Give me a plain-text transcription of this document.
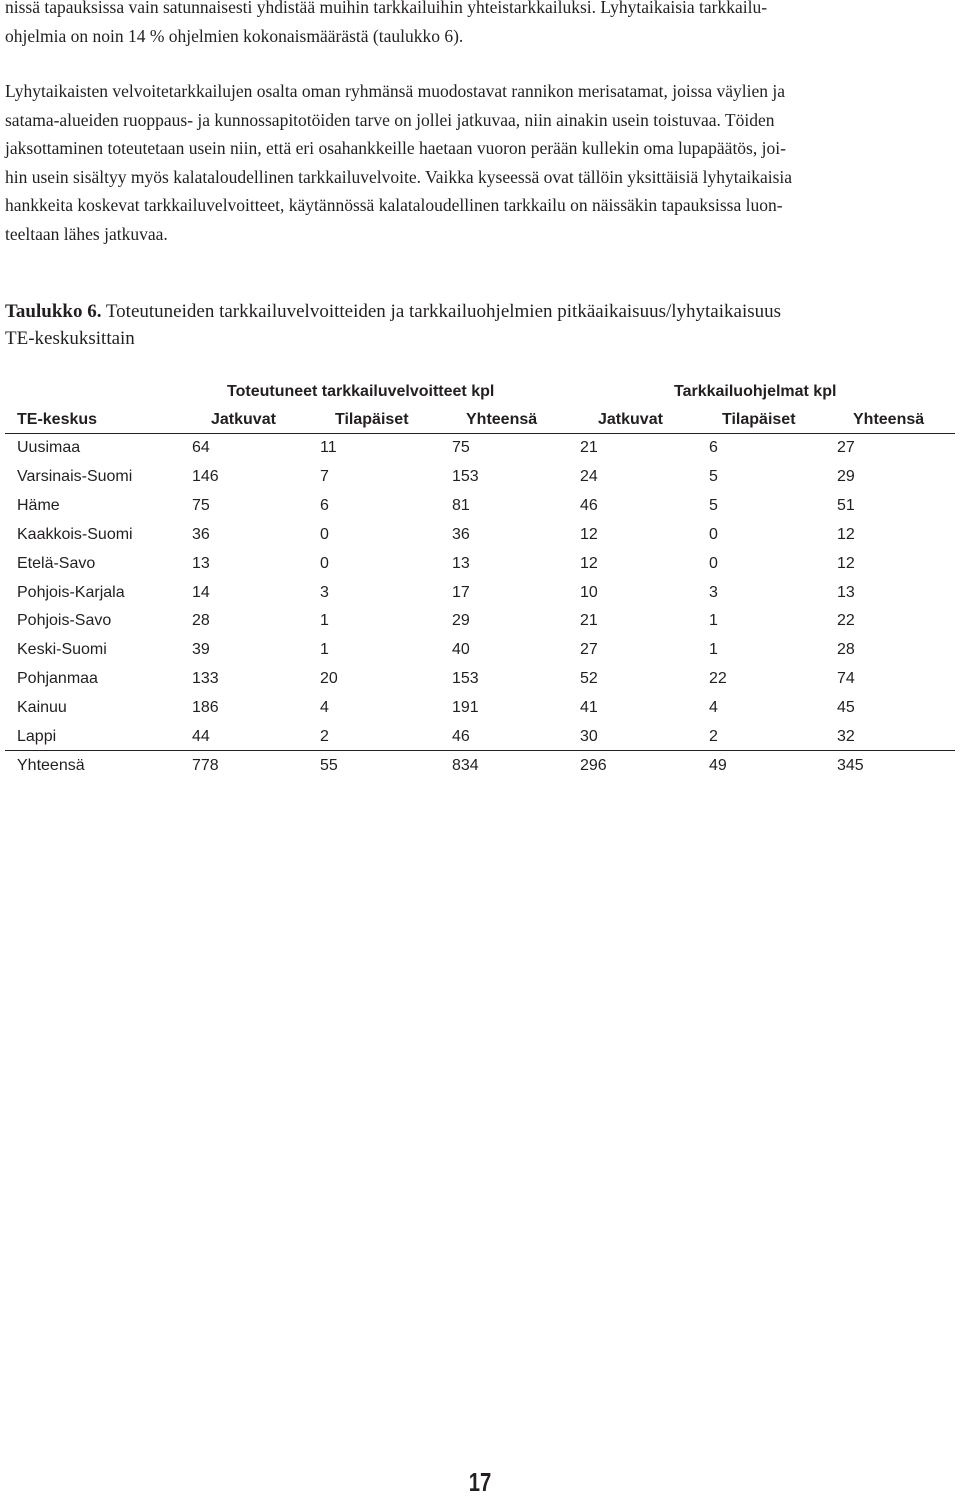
nissä tapauksissa vain satunnaisesti yhdistää muihin tarkkailuihin yhteistarkkailuksi. Lyhytaikaisia tarkkailu-
ohjelmia on noin 14 % ohjelmien kokonaismäärästä (taulukko 6).

Lyhytaikaisten velvoitetarkkailujen osalta oman ryhmänsä muodostavat rannikon merisatamat, joissa väylien ja
satama-alueiden ruoppaus- ja kunnossapitotöiden tarve on jollei jatkuvaa, niin ainakin usein toistuvaa. Töiden
jaksottaminen toteutetaan usein niin, että eri osahankkeille haetaan vuoron perään kullekin oma lupapäätös, joi-
hin usein sisältyy myös kalataloudellinen tarkkailuvelvoite. Vaikka kyseessä ovat tällöin yksittäisiä lyhytaikaisia
hankkeita koskevat tarkkailuvelvoitteet, käytännössä kalataloudellinen tarkkailu on näissäkin tapauksissa luon-
teeltaan lähes jatkuvaa.

Taulukko 6. Toteutuneiden tarkkailuvelvoitteiden ja tarkkailuohjelmien pitkäaikaisuus/lyhytaikaisuus
TE-keskuksittain

Toteutuneet tarkkailuvelvoitteet kpl	Tarkkailuohjelmat kpl
TE-keskus	Jatkuvat	Tilapäiset	Yhteensä	Jatkuvat	Tilapäiset	Yhteensä
Uusimaa	64	11	75	21	6	27
Varsinais-Suomi	146	7	153	24	5	29
Häme	75	6	81	46	5	51
Kaakkois-Suomi	36	0	36	12	0	12
Etelä-Savo	13	0	13	12	0	12
Pohjois-Karjala	14	3	17	10	3	13
Pohjois-Savo	28	1	29	21	1	22
Keski-Suomi	39	1	40	27	1	28
Pohjanmaa	133	20	153	52	22	74
Kainuu	186	4	191	41	4	45
Lappi	44	2	46	30	2	32
Yhteensä	778	55	834	296	49	345
17
